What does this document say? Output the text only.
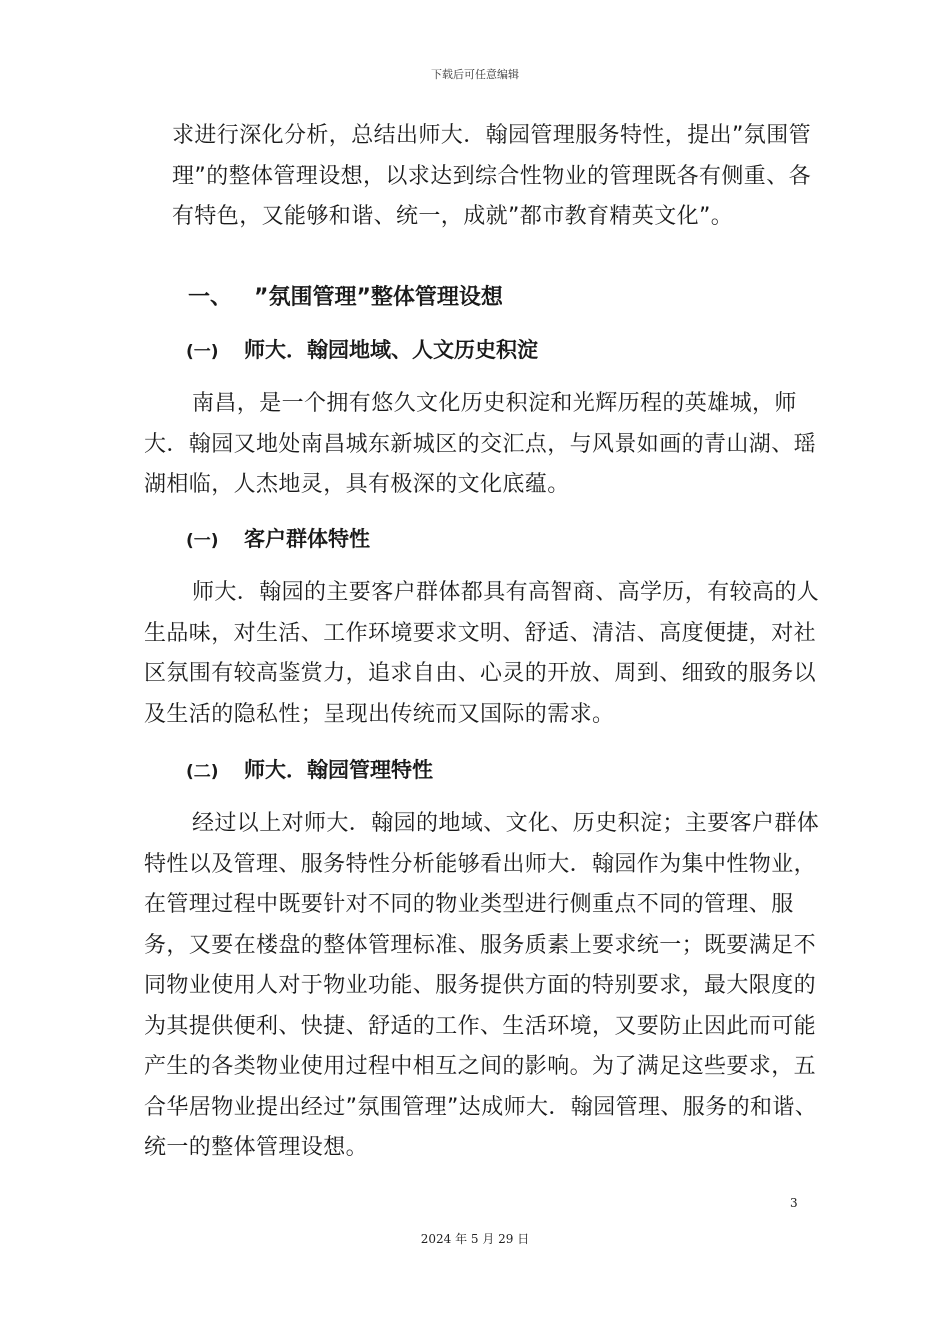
下载后可任意编辑

求进行深化分析，总结出师大．翰园管理服务特性，提出”氛围管理”的整体管理设想，以求达到综合性物业的管理既各有侧重、各有特色，又能够和谐、统一，成就”都市教育精英文化”。

一、 ”氛围管理”整体管理设想
(一) 师大．翰园地域、人文历史积淀

南昌，是一个拥有悠久文化历史积淀和光辉历程的英雄城，师大．翰园又地处南昌城东新城区的交汇点，与风景如画的青山湖、瑶湖相临，人杰地灵，具有极深的文化底蕴。

(一) 客户群体特性

师大．翰园的主要客户群体都具有高智商、高学历，有较高的人生品味，对生活、工作环境要求文明、舒适、清洁、高度便捷，对社区氛围有较高鉴赏力，追求自由、心灵的开放、周到、细致的服务以及生活的隐私性；呈现出传统而又国际的需求。

(二) 师大．翰园管理特性

经过以上对师大．翰园的地域、文化、历史积淀；主要客户群体特性以及管理、服务特性分析能够看出师大．翰园作为集中性物业，在管理过程中既要针对不同的物业类型进行侧重点不同的管理、服务，又要在楼盘的整体管理标准、服务质素上要求统一；既要满足不同物业使用人对于物业功能、服务提供方面的特别要求，最大限度的为其提供便利、快捷、舒适的工作、生活环境，又要防止因此而可能产生的各类物业使用过程中相互之间的影响。为了满足这些要求，五合华居物业提出经过”氛围管理”达成师大．翰园管理、服务的和谐、统一的整体管理设想。

3
2024 年 5 月 29 日
